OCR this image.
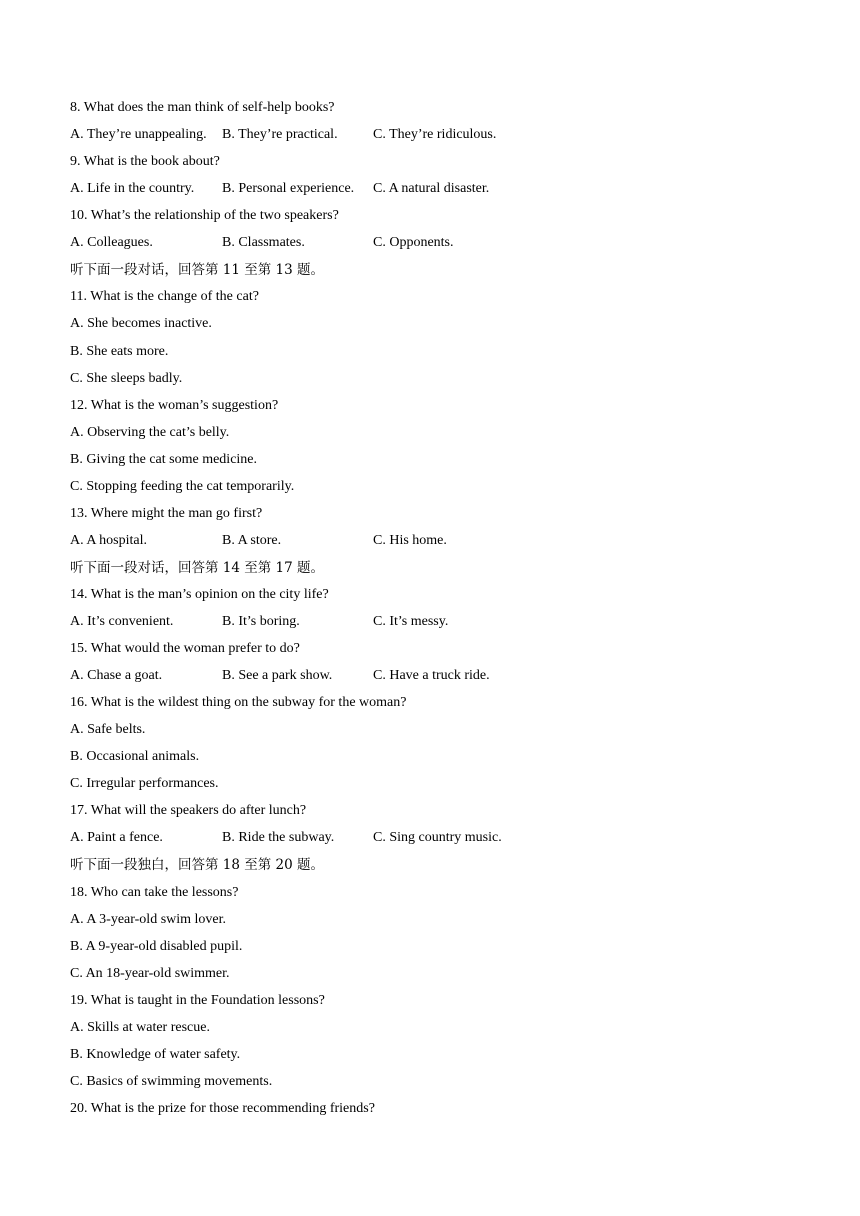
8. What does the man think of self-help books?
A. They’re unappealing. B. They’re practical.	C. They’re ridiculous.
9. What is the book about?
A. Life in the country. B. Personal experience. C. A natural disaster.
10. What’s the relationship of the two speakers?
A. Colleagues.	B. Classmates.	C. Opponents.
听下面一段对话，回答第 11 至第 13 题。
11. What is the change of the cat?
A. She becomes inactive.
B. She eats more.
C. She sleeps badly.
12. What is the woman’s suggestion?
A. Observing the cat’s belly.
B. Giving the cat some medicine.
C. Stopping feeding the cat temporarily.
13. Where might the man go first?
A. A hospital.	B. A store.	C. His home.
听下面一段对话，回答第 14 至第 17 题。
14. What is the man’s opinion on the city life?
A. It’s convenient.	B. It’s boring.	C. It’s messy.
15. What would the woman prefer to do?
A. Chase a goat.	B. See a park show.	C. Have a truck ride.
16. What is the wildest thing on the subway for the woman?
A. Safe belts.
B. Occasional animals.
C. Irregular performances.
17. What will the speakers do after lunch?
A. Paint a fence.	B. Ride the subway.	C. Sing country music.
听下面一段独白，回答第 18 至第 20 题。
18. Who can take the lessons?
A. A 3-year-old swim lover.
B. A 9-year-old disabled pupil.
C. An 18-year-old swimmer.
19. What is taught in the Foundation lessons?
A. Skills at water rescue.
B. Knowledge of water safety.
C. Basics of swimming movements.
20. What is the prize for those recommending friends?
